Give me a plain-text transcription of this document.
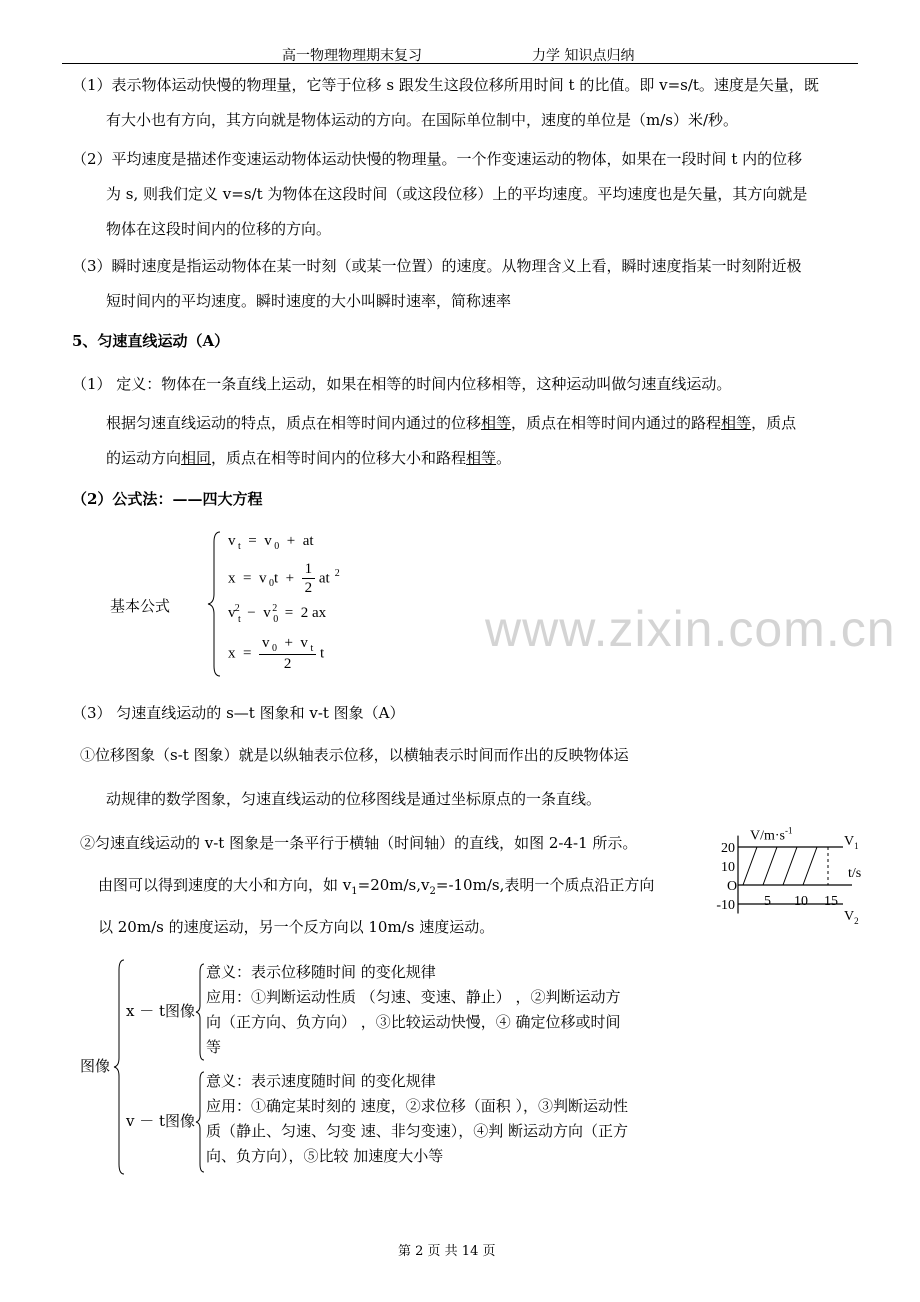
高一物理物理期末复习	力学 知识点归纳
www.zixin.com.cn
（1）表示物体运动快慢的物理量，它等于位移 s 跟发生这段位移所用时间 t 的比值。即 v=s/t。速度是矢量，既
有大小也有方向，其方向就是物体运动的方向。在国际单位制中，速度的单位是（m/s）米/秒。
（2）平均速度是描述作变速运动物体运动快慢的物理量。一个作变速运动的物体，如果在一段时间 t 内的位移
为 s, 则我们定义 v=s/t 为物体在这段时间（或这段位移）上的平均速度。平均速度也是矢量，其方向就是
物体在这段时间内的位移的方向。
（3）瞬时速度是指运动物体在某一时刻（或某一位置）的速度。从物理含义上看，瞬时速度指某一时刻附近极
短时间内的平均速度。瞬时速度的大小叫瞬时速率，简称速率
5、匀速直线运动（A）
（1） 定义：物体在一条直线上运动，如果在相等的时间内位移相等，这种运动叫做匀速直线运动。
根据匀速直线运动的特点，质点在相等时间内通过的位移相等，质点在相等时间内通过的路程相等，质点
的运动方向相同，质点在相等时间内的位移大小和路程相等。
（2）公式法：——四大方程
基本公式
v $_t$  =  v $_0$  +  at
x  =  v $_0t + \frac{1}{2}$ at  $^2$
v $_t^2$  −  v $_0^2$  =  2 ax
$x = \frac{v _0 + v _t}{2}$ t
（3） 匀速直线运动的 s—t 图象和 v-t 图象（A）
①位移图象（s-t 图象）就是以纵轴表示位移，以横轴表示时间而作出的反映物体运
动规律的数学图象，匀速直线运动的位移图线是通过坐标原点的一条直线。
②匀速直线运动的 v-t 图象是一条平行于横轴（时间轴）的直线，如图 2-4-1 所示。
由图可以得到速度的大小和方向，如 $v_1=20m/s,v_2=-10m/s$,表明一个质点沿正方向
以 20m/s 的速度运动，另一个反方向以 10m/s 速度运动。
$V/m\cdot s^{-1}$
t/s
O
5 10 15
20
10
-10
$V_1$
$V_2$
图像
x － t图像
意义：表示位移随时间 的变化规律
应用：①判断运动性质 （匀速、变速、静止） ，②判断运动方
向（正方向、负方向） ，③比较运动快慢，④ 确定位移或时间
等
v － t图像
意义：表示速度随时间 的变化规律
应用：①确定某时刻的 速度，②求位移（面积 ），③判断运动性
质（静止、匀速、匀变 速、非匀变速），④判 断运动方向（正方
向、负方向），⑤比较 加速度大小等
第 2 页 共 14 页
